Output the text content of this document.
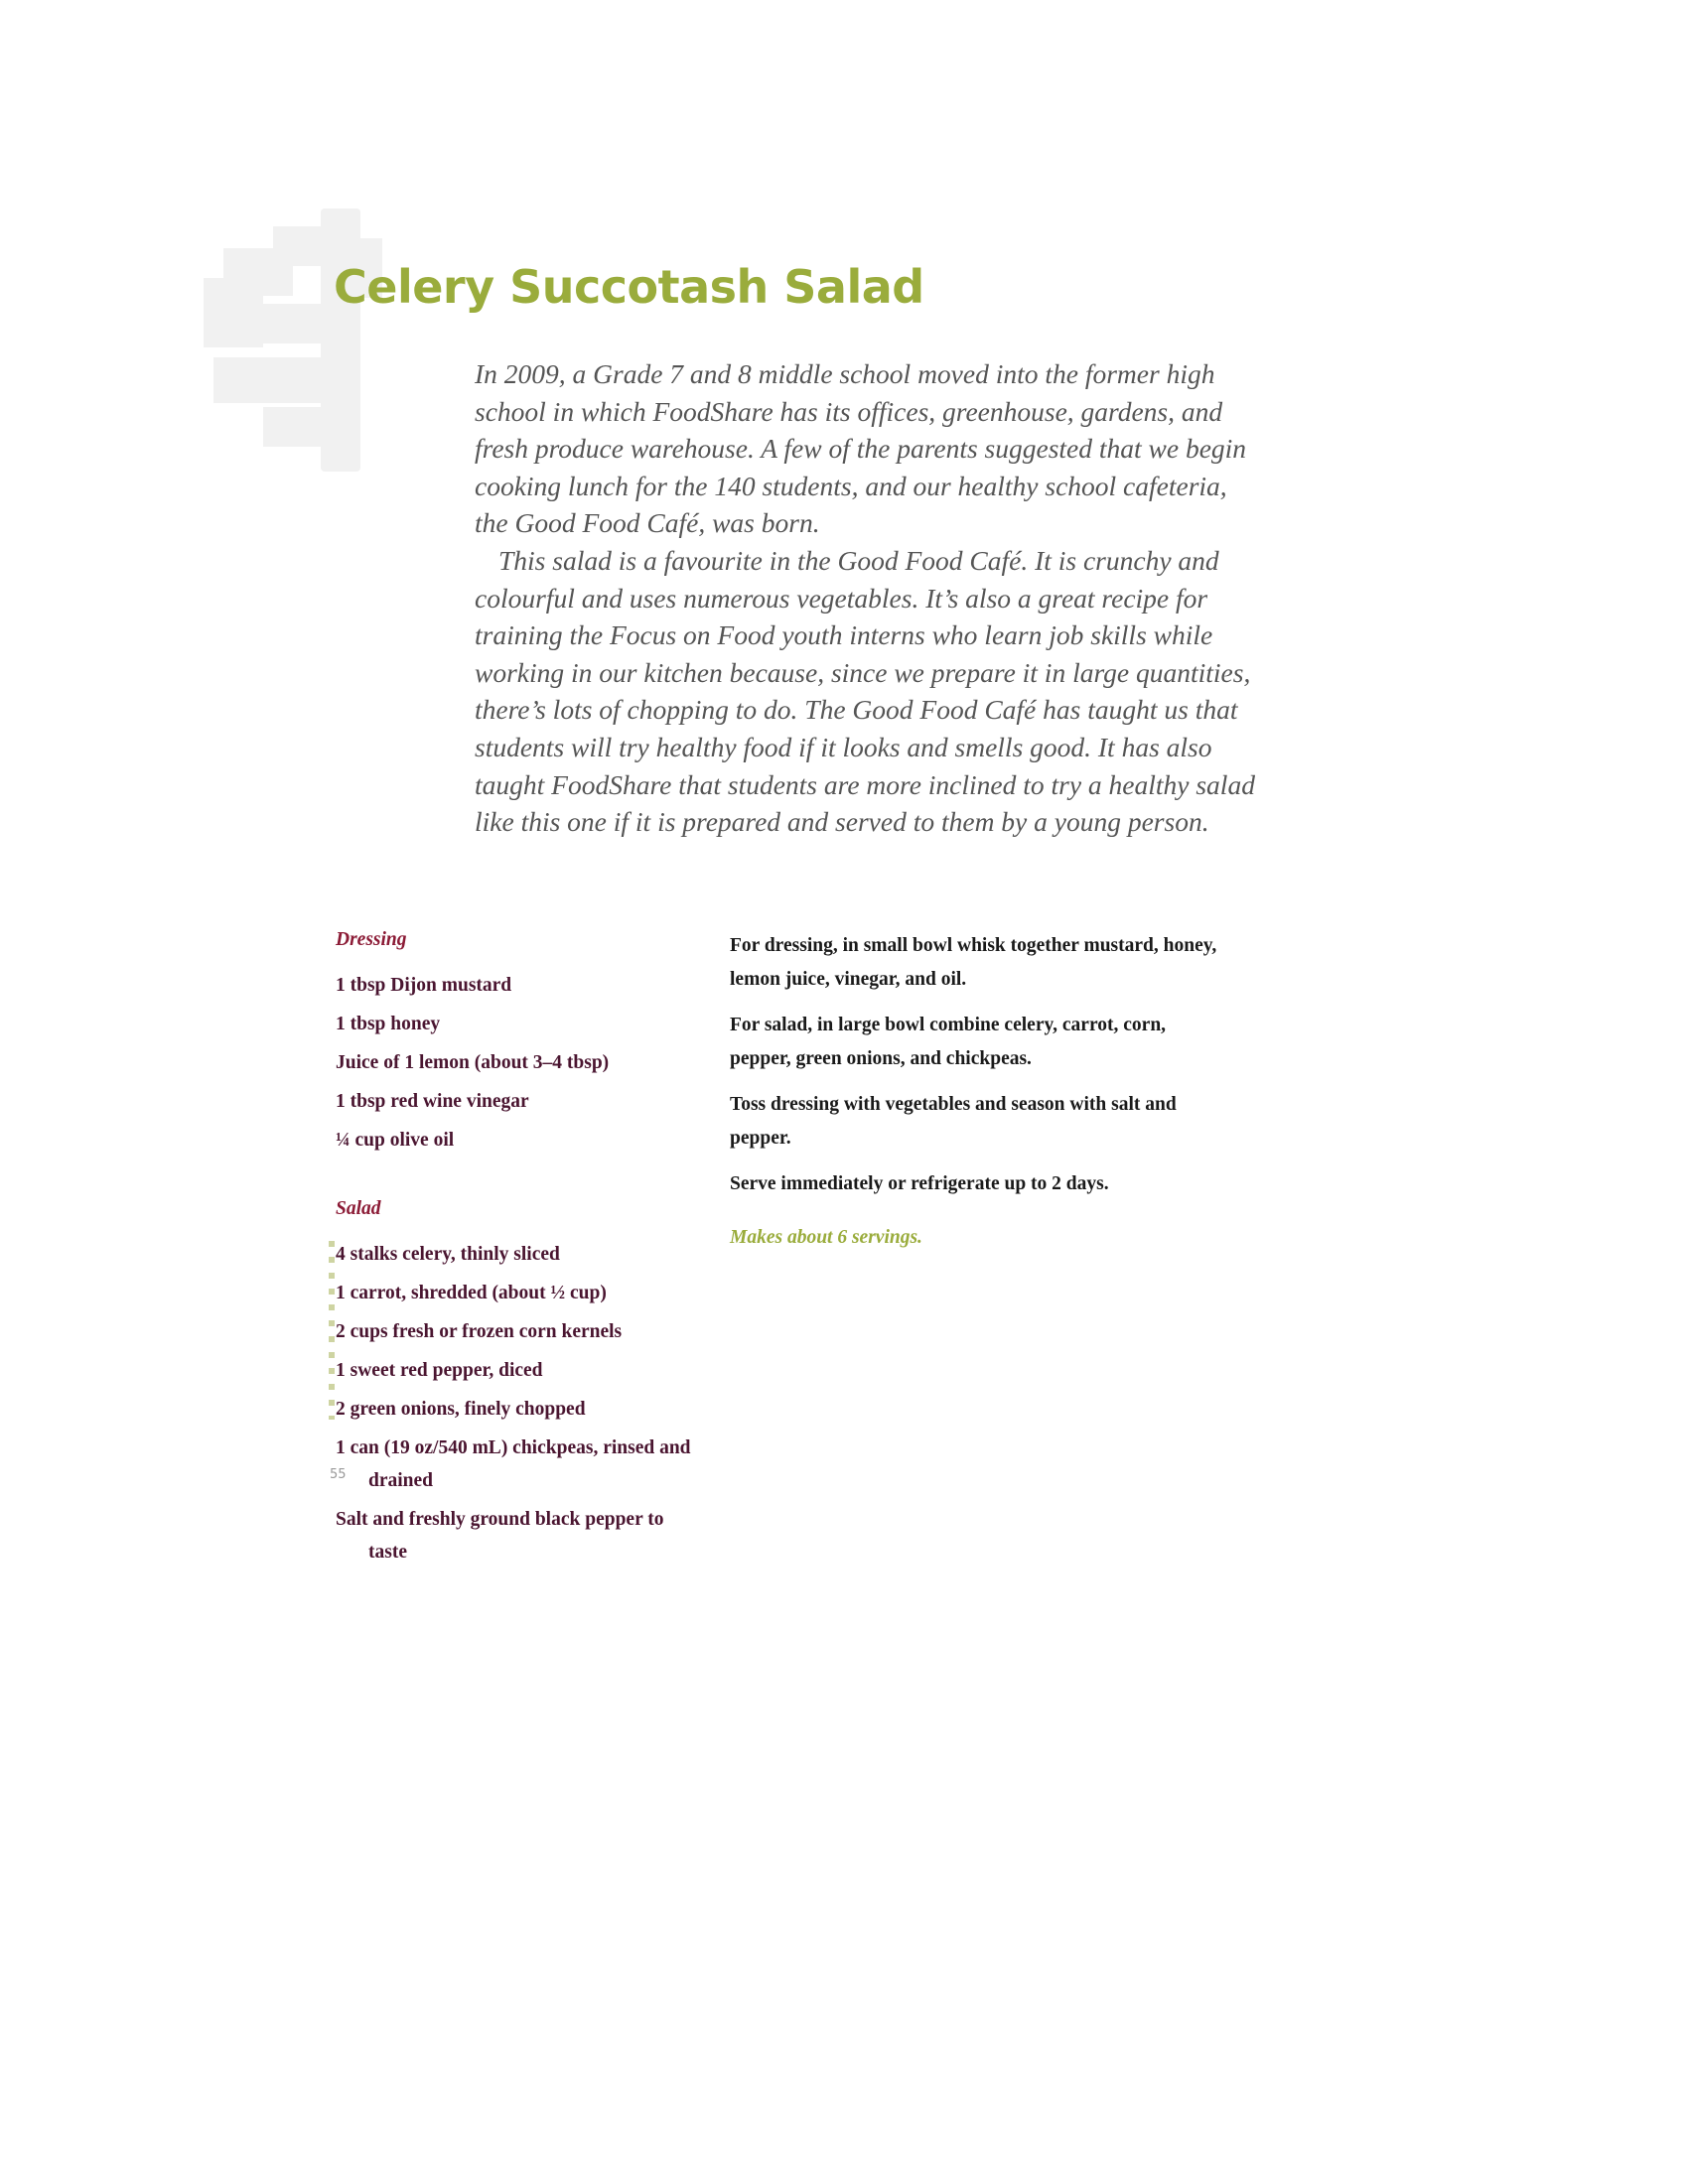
Celery Succotash Salad

In 2009, a Grade 7 and 8 middle school moved into the former high school in which FoodShare has its offices, greenhouse, gardens, and fresh produce warehouse. A few of the parents suggested that we begin cooking lunch for the 140 students, and our healthy school cafeteria, the Good Food Café, was born.

This salad is a favourite in the Good Food Café. It is crunchy and colourful and uses numerous vegetables. It’s also a great recipe for training the Focus on Food youth interns who learn job skills while working in our kitchen because, since we prepare it in large quantities, there’s lots of chopping to do. The Good Food Café has taught us that students will try healthy food if it looks and smells good. It has also taught FoodShare that students are more inclined to try a healthy salad like this one if it is prepared and served to them by a young person.

Dressing
1 tbsp Dijon mustard
1 tbsp honey
Juice of 1 lemon (about 3–4 tbsp)
1 tbsp red wine vinegar
¼ cup olive oil
Salad
4 stalks celery, thinly sliced
1 carrot, shredded (about ½ cup)
2 cups fresh or frozen corn kernels
1 sweet red pepper, diced
2 green onions, finely chopped
1 can (19 oz/540 mL) chickpeas, rinsed and drained
Salt and freshly ground black pepper to taste

For dressing, in small bowl whisk together mustard, honey, lemon juice, vinegar, and oil.

For salad, in large bowl combine celery, carrot, corn, pepper, green onions, and chickpeas.

Toss dressing with vegetables and season with salt and pepper.

Serve immediately or refrigerate up to 2 days.

Makes about 6 servings.

55
